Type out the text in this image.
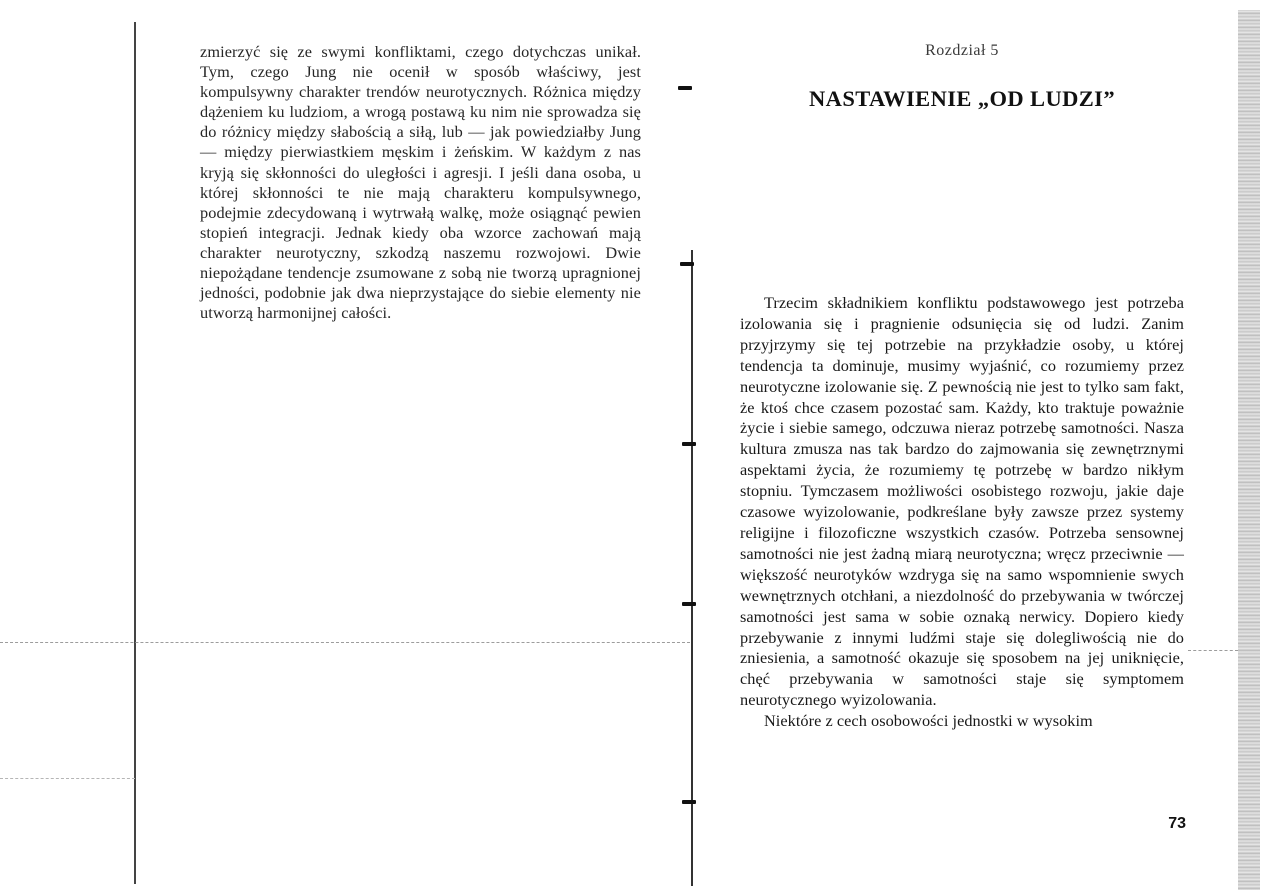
zmierzyć się ze swymi konfliktami, czego dotychczas unikał. Tym, czego Jung nie ocenił w sposób właściwy, jest kompulsywny charakter trendów neurotycznych. Różnica między dążeniem ku ludziom, a wrogą postawą ku nim nie sprowadza się do różnicy między słabością a siłą, lub — jak powiedziałby Jung — między pierwiastkiem męskim i żeńskim. W każdym z nas kryją się skłonności do uległości i agresji. I jeśli dana osoba, u której skłonności te nie mają charakteru kompulsywnego, podejmie zdecydowaną i wytrwałą walkę, może osiągnąć pewien stopień integracji. Jednak kiedy oba wzorce zachowań mają charakter neurotyczny, szkodzą naszemu rozwojowi. Dwie niepożądane tendencje zsumowane z sobą nie tworzą upragnionej jedności, podobnie jak dwa nieprzystające do siebie elementy nie utworzą harmonijnej całości.

Rozdział 5
NASTAWIENIE „OD LUDZI”

Trzecim składnikiem konfliktu podstawowego jest potrzeba izolowania się i pragnienie odsunięcia się od ludzi. Zanim przyjrzymy się tej potrzebie na przykładzie osoby, u której tendencja ta dominuje, musimy wyjaśnić, co rozumiemy przez neurotyczne izolowanie się. Z pewnością nie jest to tylko sam fakt, że ktoś chce czasem pozostać sam. Każdy, kto traktuje poważnie życie i siebie samego, odczuwa nieraz potrzebę samotności. Nasza kultura zmusza nas tak bardzo do zajmowania się zewnętrznymi aspektami życia, że rozumiemy tę potrzebę w bardzo nikłym stopniu. Tymczasem możliwości osobistego rozwoju, jakie daje czasowe wyizolowanie, podkreślane były zawsze przez systemy religijne i filozoficzne wszystkich czasów. Potrzeba sensownej samotności nie jest żadną miarą neurotyczna; wręcz przeciwnie — większość neurotyków wzdryga się na samo wspomnienie swych wewnętrznych otchłani, a niezdolność do przebywania w twórczej samotności jest sama w sobie oznaką nerwicy. Dopiero kiedy przebywanie z innymi ludźmi staje się dolegliwością nie do zniesienia, a samotność okazuje się sposobem na jej uniknięcie, chęć przebywania w samotności staje się symptomem neurotycznego wyizolowania.

Niektóre z cech osobowości jednostki w wysokim

73
